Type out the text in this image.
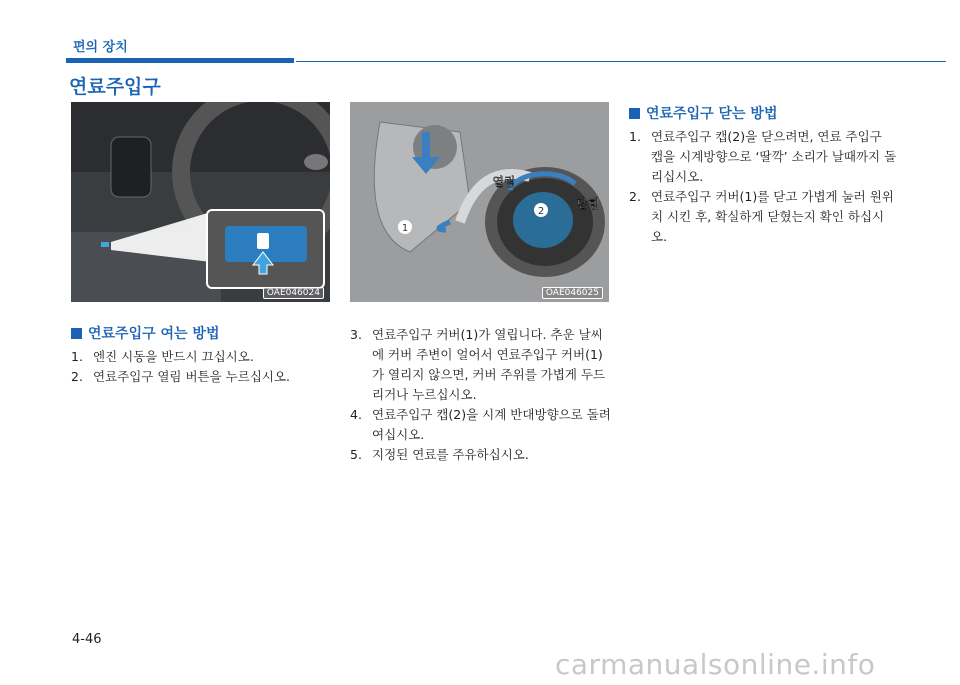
편의 장치
연료주입구
OAE046024
1
2
열림
닫힘
OAE046025
연료주입구 여는 방법
1. 엔진 시동을 반드시 끄십시오.
2. 연료주입구 열림 버튼을 누르십시오.
3. 연료주입구 커버(1)가 열립니다. 추운 날씨에 커버 주변이 얼어서 연료주입구 커버(1)가 열리지 않으면, 커버 주위를 가볍게 두드리거나 누르십시오.
4. 연료주입구 캡(2)을 시계 반대방향으로 돌려 여십시오.
5. 지정된 연료를 주유하십시오.
연료주입구 닫는 방법
1. 연료주입구 캡(2)을 닫으려면, 연료 주입구 캡을 시계방향으로 ‘딸깍’ 소리가 날때까지 돌리십시오.
2. 연료주입구 커버(1)를 닫고 가볍게 눌러 원위치 시킨 후, 확실하게 닫혔는지 확인 하십시오.
4-46
carmanualsonline.info
